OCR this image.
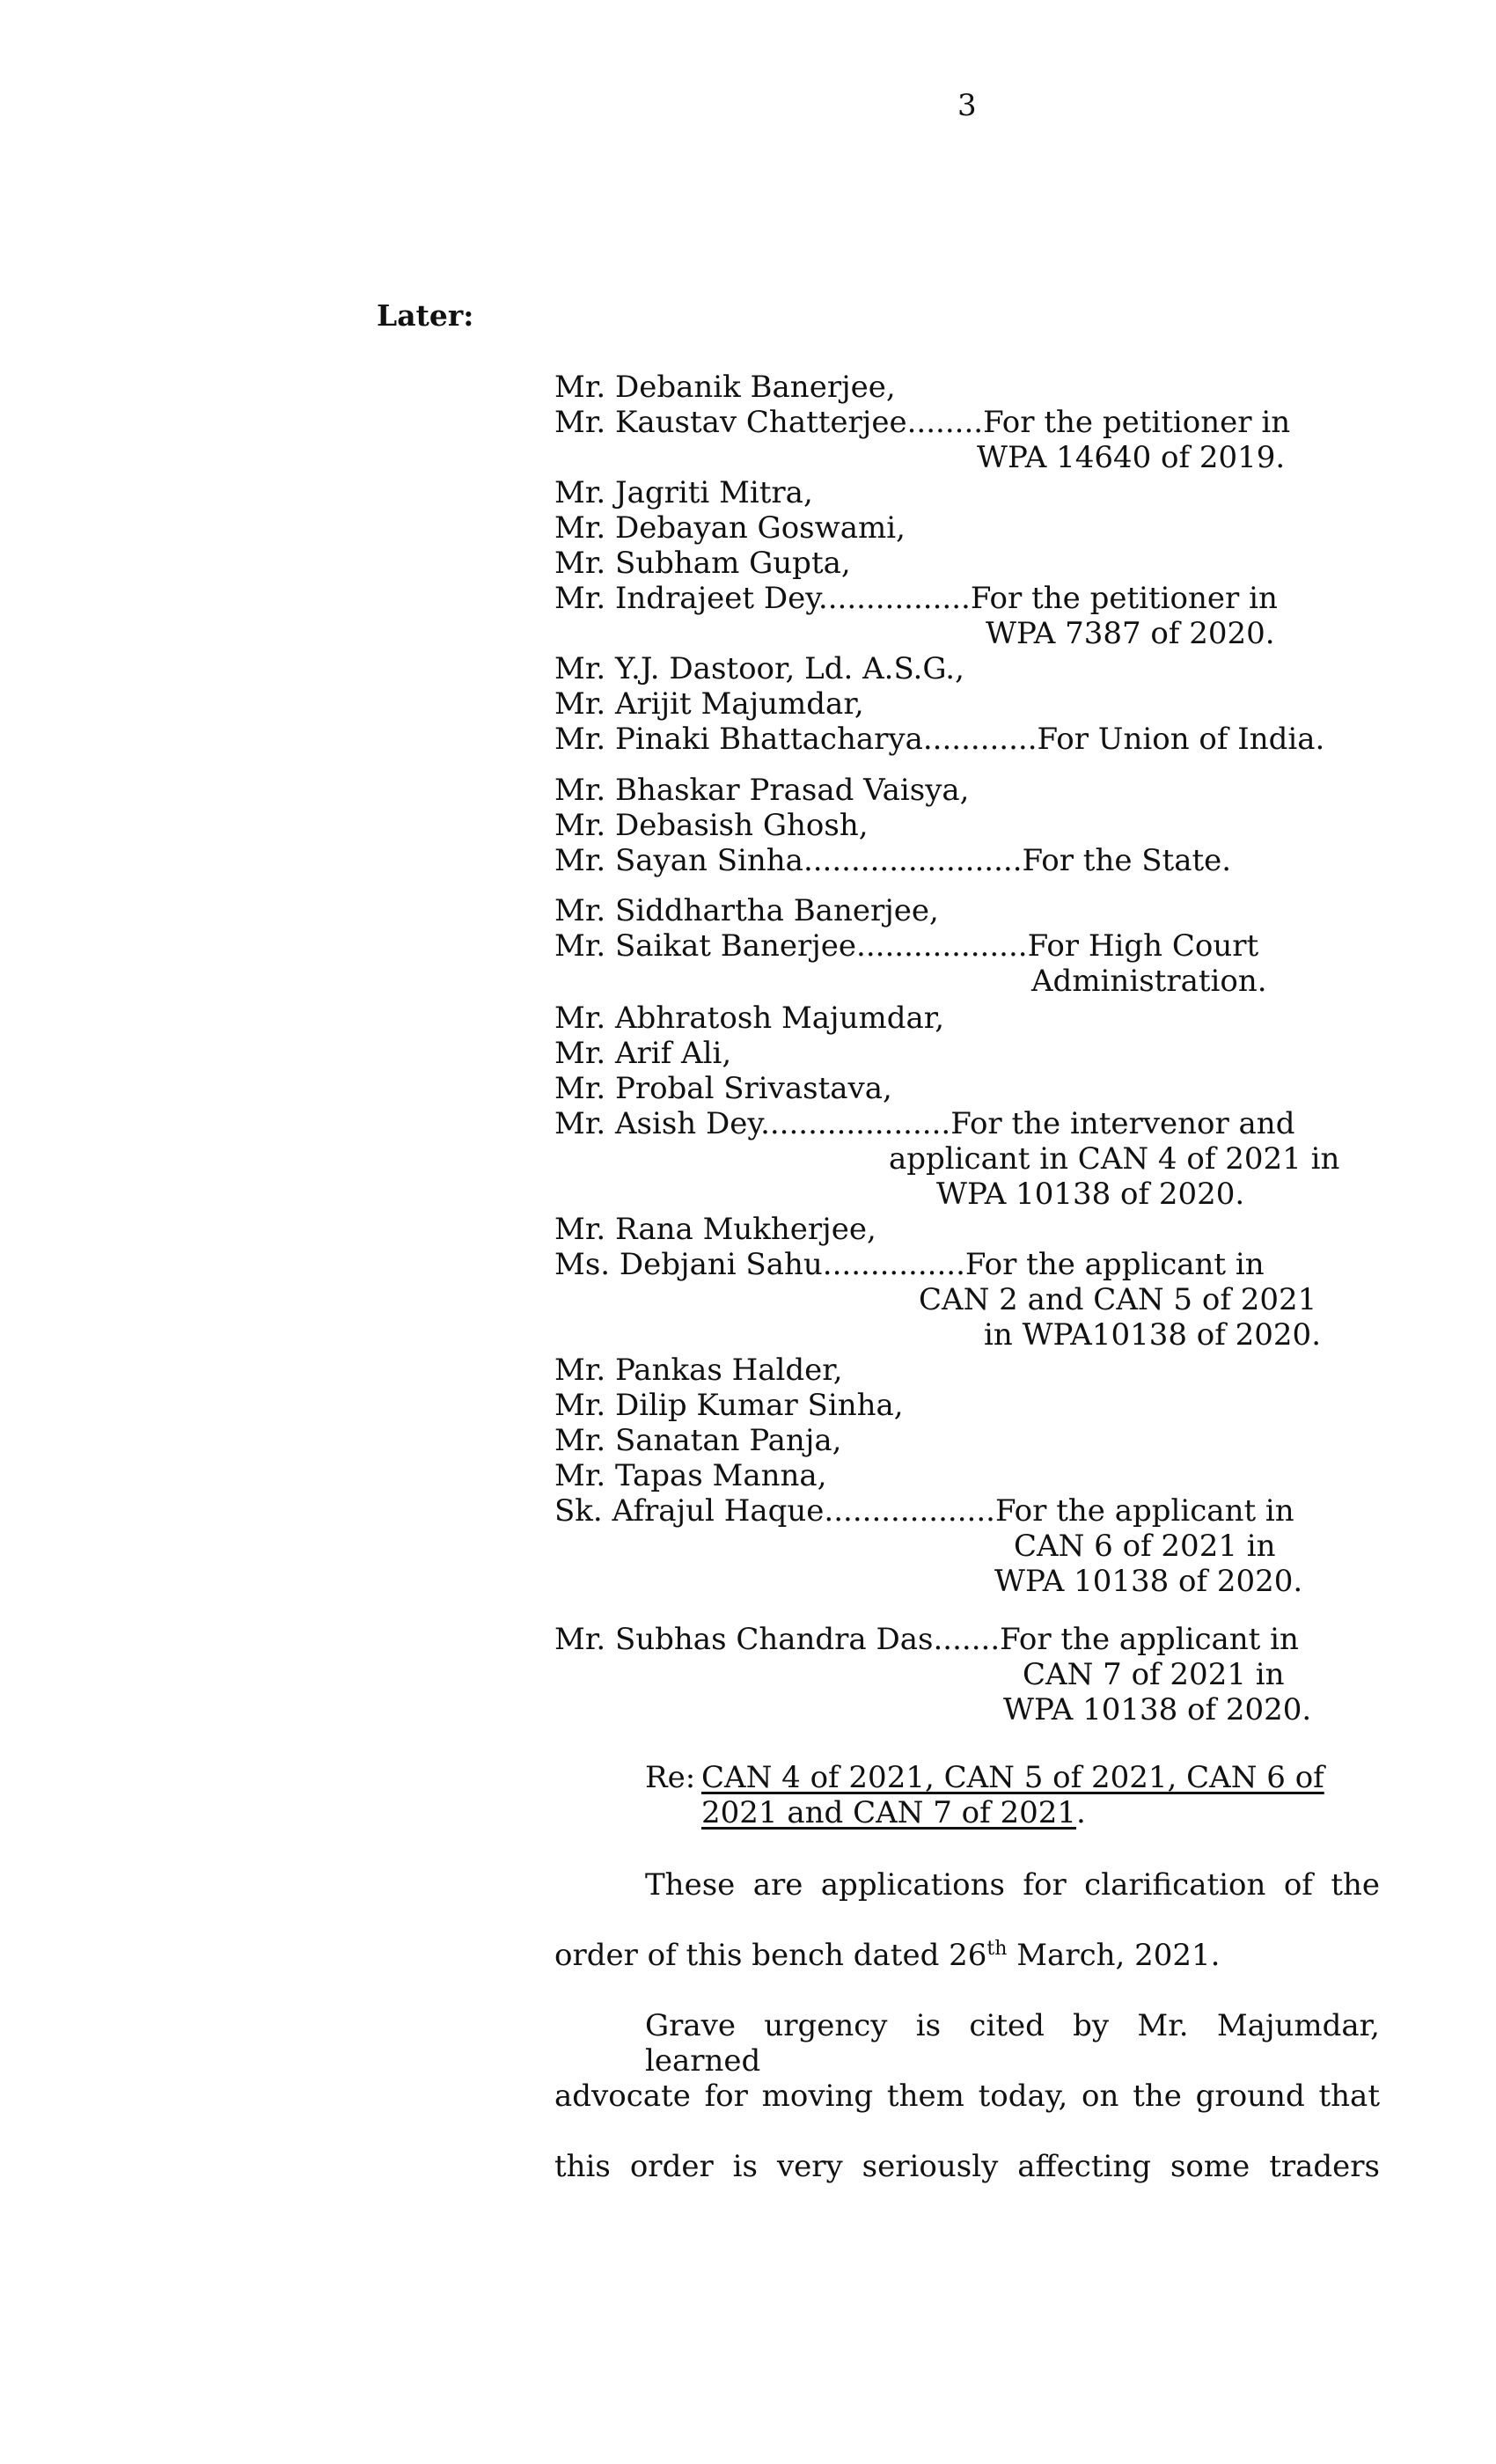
3
Later:
Mr. Debanik Banerjee,
Mr. Kaustav Chatterjee........For the petitioner in
WPA 14640 of 2019.
Mr. Jagriti Mitra,
Mr. Debayan Goswami,
Mr. Subham Gupta,
Mr. Indrajeet Dey................For the petitioner in
WPA 7387 of 2020.
Mr. Y.J. Dastoor, Ld. A.S.G.,
Mr. Arijit Majumdar,
Mr. Pinaki Bhattacharya............For Union of India.
Mr. Bhaskar Prasad Vaisya,
Mr. Debasish Ghosh,
Mr. Sayan Sinha.......................For the State.
Mr. Siddhartha Banerjee,
Mr. Saikat Banerjee..................For High Court
Administration.
Mr. Abhratosh Majumdar,
Mr. Arif Ali,
Mr. Probal Srivastava,
Mr. Asish Dey....................For the intervenor and
applicant in CAN 4 of 2021 in
WPA 10138 of 2020.
Mr. Rana Mukherjee,
Ms. Debjani Sahu...............For the applicant in
CAN 2 and CAN 5 of 2021
in WPA10138 of 2020.
Mr. Pankas Halder,
Mr. Dilip Kumar Sinha,
Mr. Sanatan Panja,
Mr. Tapas Manna,
Sk. Afrajul Haque..................For the applicant in
CAN 6 of 2021 in
WPA 10138 of 2020.
Mr. Subhas Chandra Das.......For the applicant in
CAN 7 of 2021 in
WPA 10138 of 2020.
Re: CAN 4 of 2021, CAN 5 of 2021, CAN 6 of
2021 and CAN 7 of 2021.
These are applications for clarification of the
order of this bench dated 26th March, 2021.
Grave urgency is cited by Mr. Majumdar, learned
advocate for moving them today, on the ground that
this order is very seriously affecting some traders
